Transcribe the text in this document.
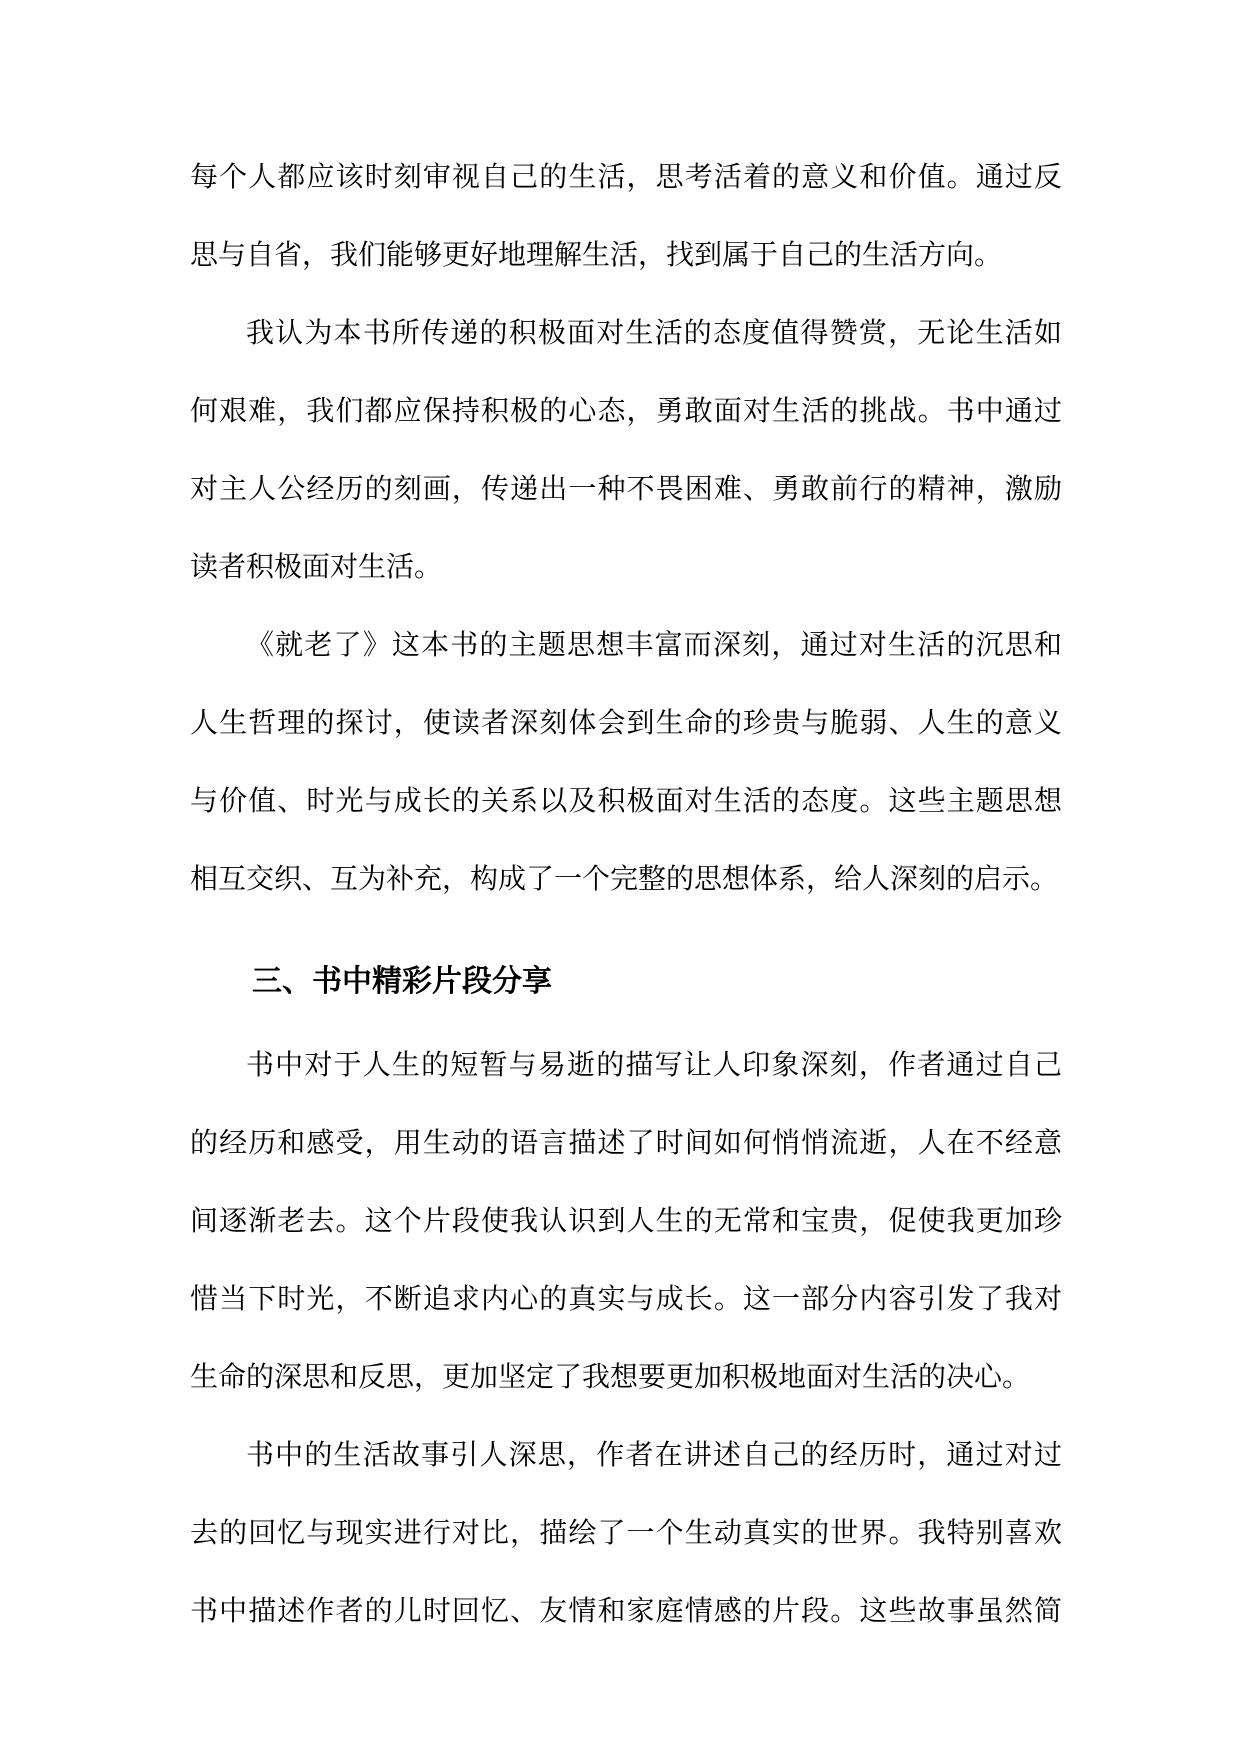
每个人都应该时刻审视自己的生活，思考活着的意义和价值。通过反
思与自省，我们能够更好地理解生活，找到属于自己的生活方向。
我认为本书所传递的积极面对生活的态度值得赞赏，无论生活如
何艰难，我们都应保持积极的心态，勇敢面对生活的挑战。书中通过
对主人公经历的刻画，传递出一种不畏困难、勇敢前行的精神，激励
读者积极面对生活。
《就老了》这本书的主题思想丰富而深刻，通过对生活的沉思和
人生哲理的探讨，使读者深刻体会到生命的珍贵与脆弱、人生的意义
与价值、时光与成长的关系以及积极面对生活的态度。这些主题思想
相互交织、互为补充，构成了一个完整的思想体系，给人深刻的启示。
三、书中精彩片段分享
书中对于人生的短暂与易逝的描写让人印象深刻，作者通过自己
的经历和感受，用生动的语言描述了时间如何悄悄流逝，人在不经意
间逐渐老去。这个片段使我认识到人生的无常和宝贵，促使我更加珍
惜当下时光，不断追求内心的真实与成长。这一部分内容引发了我对
生命的深思和反思，更加坚定了我想要更加积极地面对生活的决心。
书中的生活故事引人深思，作者在讲述自己的经历时，通过对过
去的回忆与现实进行对比，描绘了一个生动真实的世界。我特别喜欢
书中描述作者的儿时回忆、友情和家庭情感的片段。这些故事虽然简
